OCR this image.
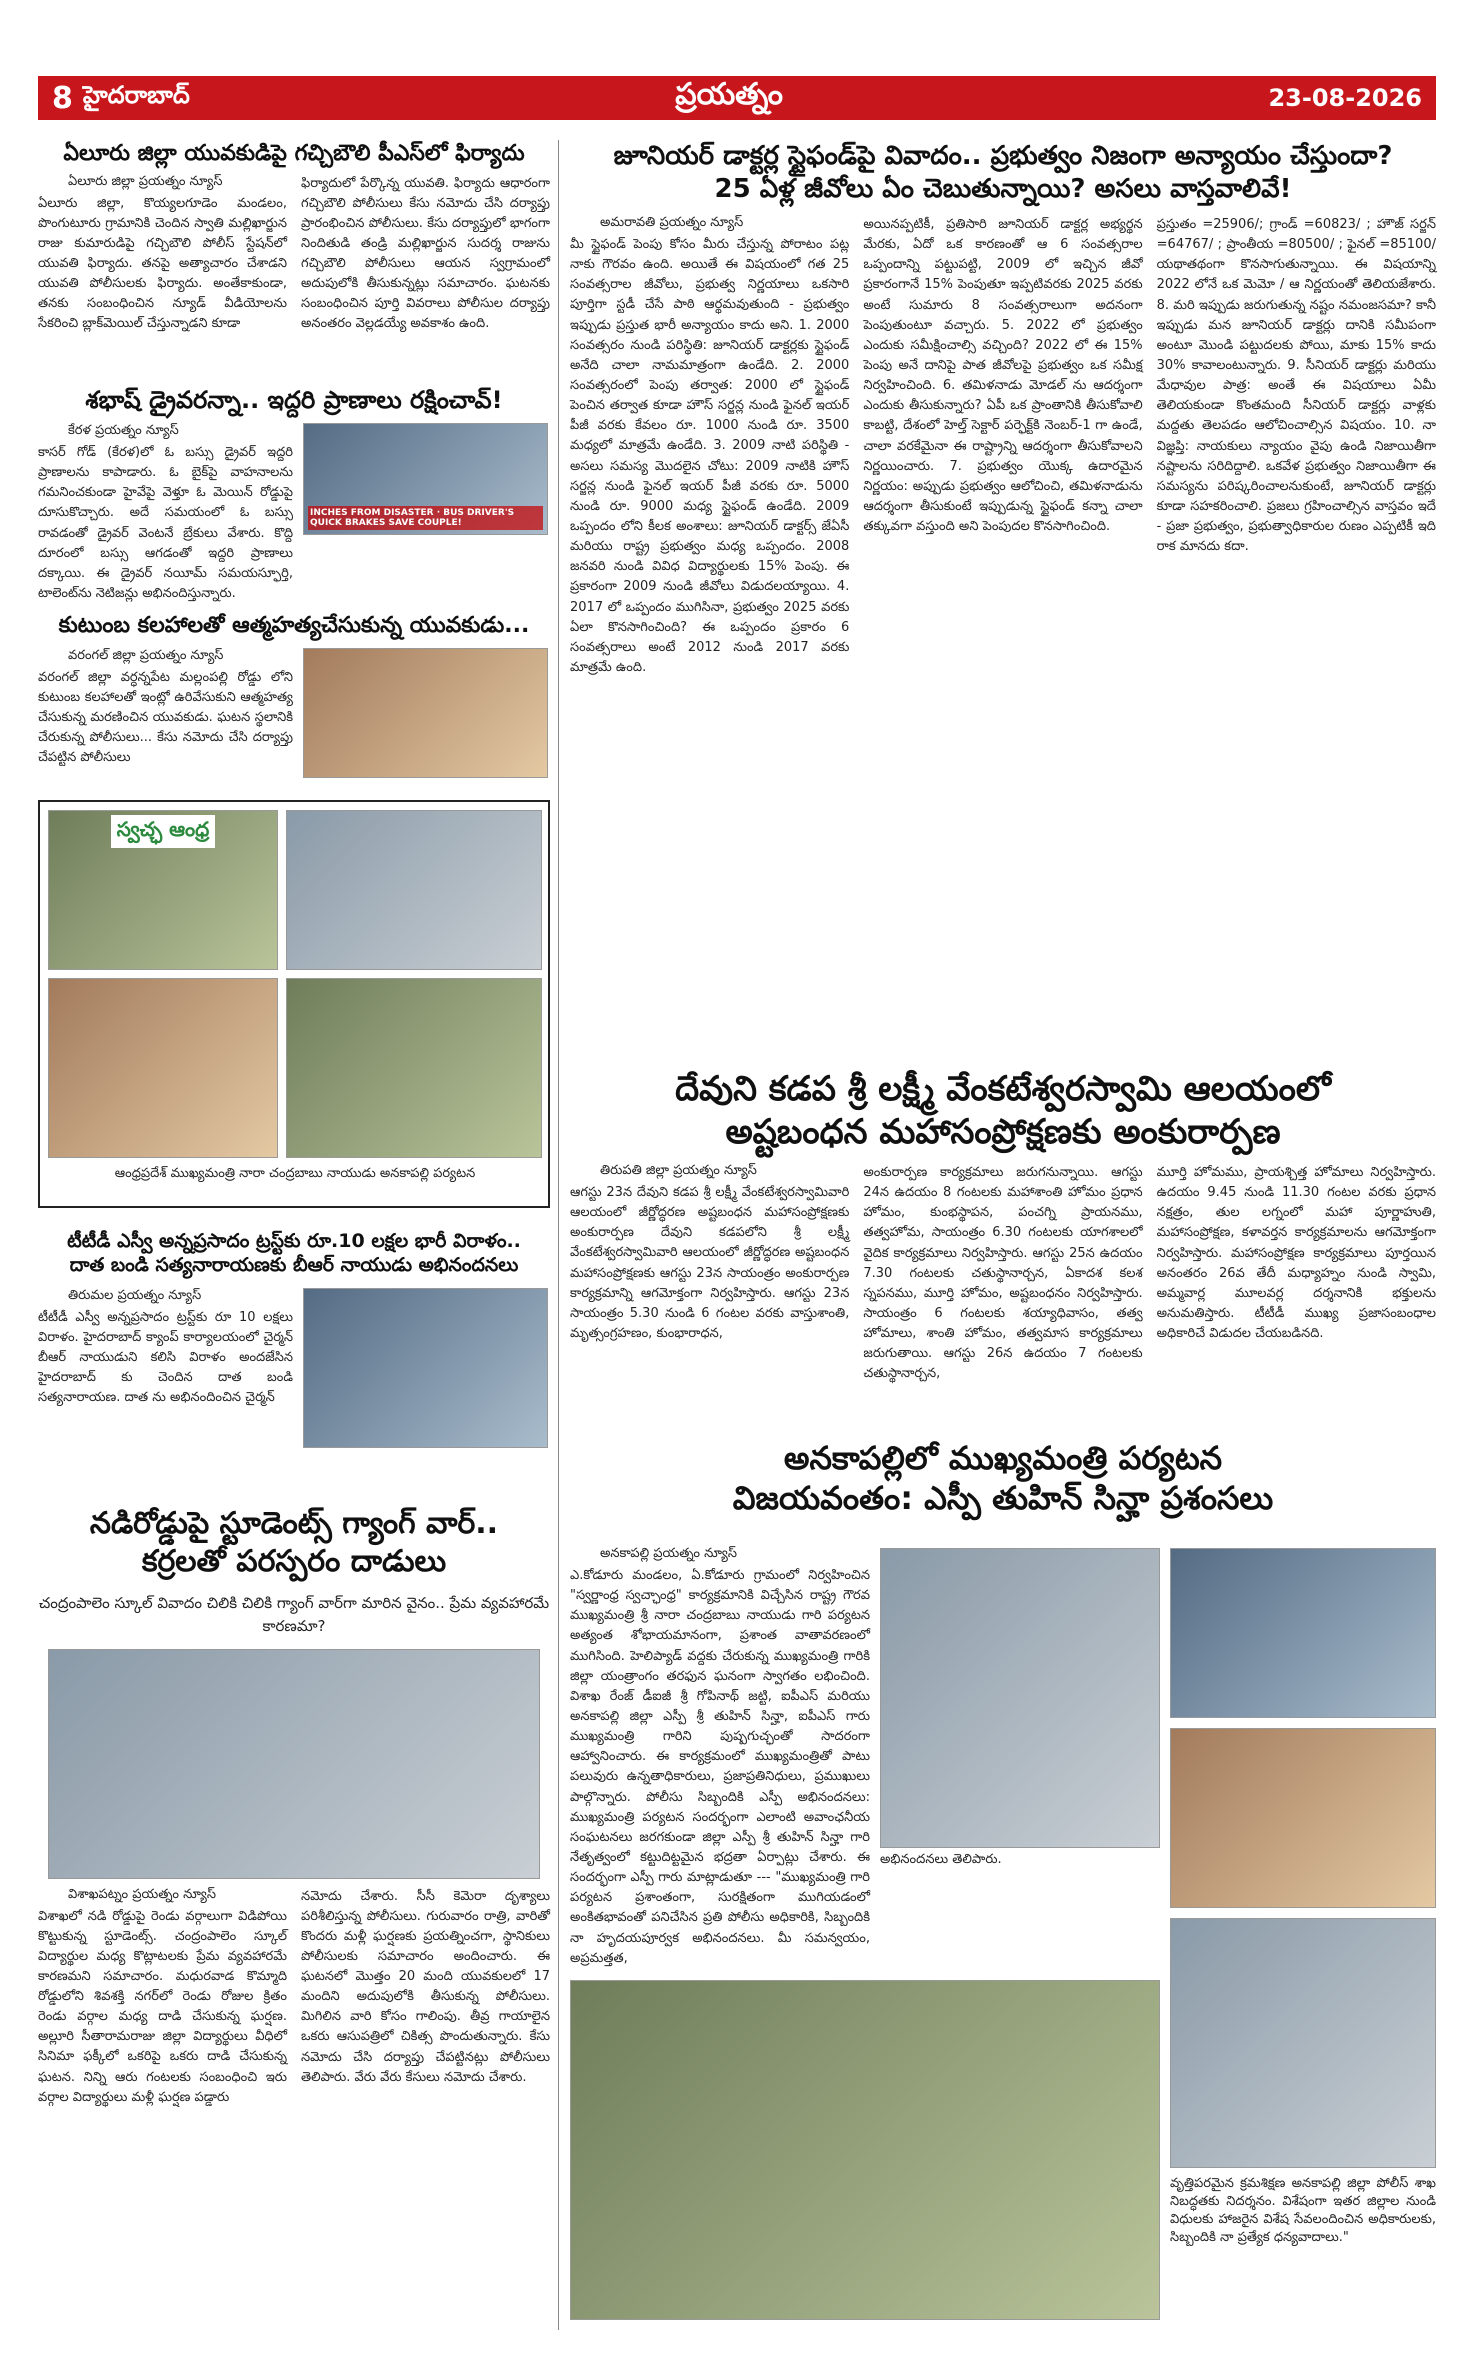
8 హైదరాబాద్	ప్రయత్నం	23-08-2026
ఏలూరు జిల్లా యువకుడిపై గచ్చిబౌలి పీఎస్‌లో ఫిర్యాదు

ఏలూరు జిల్లా ప్రయత్నం న్యూస్

ఏలూరు జిల్లా, కొయ్యలగూడెం మండలం, పొంగుటూరు గ్రామానికి చెందిన స్వాతి మల్లిఖార్జున రాజు కుమారుడిపై గచ్చిబౌలి పోలీస్ స్టేషన్‌లో యువతి ఫిర్యాదు. తనపై అత్యాచారం చేశాడని యువతి పోలీసులకు ఫిర్యాదు. అంతేకాకుండా, తనకు సంబంధించిన న్యూడ్ వీడియోలను సేకరించి బ్లాక్‌మెయిల్ చేస్తున్నాడని కూడా

ఫిర్యాదులో పేర్కొన్న యువతి. ఫిర్యాదు ఆధారంగా గచ్చిబౌలి పోలీసులు కేసు నమోదు చేసి దర్యాప్తు ప్రారంభించిన పోలీసులు. కేసు దర్యాప్తులో భాగంగా నిందితుడి తండ్రి మల్లిఖార్జున సుదర్శ రాజును గచ్చిబౌలి పోలీసులు ఆయన స్వగ్రామంలో అదుపులోకి తీసుకున్నట్లు సమాచారం. ఘటనకు సంబంధించిన పూర్తి వివరాలు పోలీసుల దర్యాప్తు అనంతరం వెల్లడయ్యే అవకాశం ఉంది.

శభాష్ డ్రైవరన్నా.. ఇద్దరి ప్రాణాలు రక్షించావ్!

కేరళ ప్రయత్నం న్యూస్

కాసర్ గోడ్ (కేరళ)లో ఓ బస్సు డ్రైవర్ ఇద్దరి ప్రాణాలను కాపాడారు. ఓ బైక్‌పై వాహనాలను గమనించకుండా హైవేపై వెళ్తూ ఓ మెయిన్ రోడ్డుపై దూసుకొచ్చారు. అదే సమయంలో ఓ బస్సు రావడంతో డ్రైవర్ వెంటనే బ్రేకులు వేశారు. కొద్ది దూరంలో బస్సు ఆగడంతో ఇద్దరి ప్రాణాలు దక్కాయి. ఈ డ్రైవర్ నయీమ్ సమయస్ఫూర్తి, టాలెంట్‌ను నెటిజన్లు అభినందిస్తున్నారు.

INCHES FROM DISASTER · BUS DRIVER'S QUICK BRAKES SAVE COUPLE!
కుటుంబ కలహాలతో ఆత్మహత్యచేసుకున్న యువకుడు...

వరంగల్ జిల్లా ప్రయత్నం న్యూస్

వరంగల్ జిల్లా వర్ధన్నపేట మల్లంపల్లి రోడ్డు లోని కుటుంబ కలహాలతో ఇంట్లో ఉరివేసుకుని ఆత్మహత్య చేసుకున్న మరణించిన యువకుడు. ఘటన స్థలానికి చేరుకున్న పోలీసులు... కేసు నమోదు చేసి దర్యాప్తు చేపట్టిన పోలీసులు

స్వచ్ఛ ఆంధ్ర
ఆంధ్రప్రదేశ్ ముఖ్యమంత్రి నారా చంద్రబాబు నాయుడు అనకాపల్లి పర్యటన
టీటీడీ ఎస్వీ అన్నప్రసాదం ట్రస్ట్‌కు రూ.10 లక్షల భారీ విరాళం..
దాత బండి సత్యనారాయణకు బీఆర్ నాయుడు అభినందనలు

తిరుమల ప్రయత్నం న్యూస్

టీటీడీ ఎస్వీ అన్నప్రసాదం ట్రస్ట్‌కు రూ 10 లక్షలు విరాళం. హైదరాబాద్ క్యాంప్ కార్యాలయంలో చైర్మన్ బీఆర్ నాయుడుని కలిసి విరాళం అందజేసిన హైదరాబాద్ కు చెందిన దాత బండి సత్యనారాయణ. దాత ను అభినందించిన చైర్మన్

నడిరోడ్డుపై స్టూడెంట్స్ గ్యాంగ్ వార్..
కర్రలతో పరస్పరం దాడులు

చంద్రంపాలెం స్కూల్ వివాదం చిలికి చిలికి గ్యాంగ్ వార్‌గా మారిన వైనం.. ప్రేమ వ్యవహారమే కారణమా?

విశాఖపట్నం ప్రయత్నం న్యూస్

విశాఖలో నడి రోడ్డుపై రెండు వర్గాలుగా విడిపోయి కొట్టుకున్న స్టూడెంట్స్. చంద్రంపాలెం స్కూల్ విద్యార్థుల మధ్య కొట్లాటలకు ప్రేమ వ్యవహారమే కారణమని సమాచారం. మధురవాడ కొమ్మాది రోడ్డులోని శివశక్తి నగర్‌లో రెండు రోజుల క్రితం రెండు వర్గాల మధ్య దాడి చేసుకున్న ఘర్షణ. అల్లూరి సీతారామరాజు జిల్లా విద్యార్థులు వీధిలో సినిమా ఫక్కీలో ఒకరిపై ఒకరు దాడి చేసుకున్న ఘటన. నిన్ని ఆరు గంటలకు సంబంధించి ఇరు వర్గాల విద్యార్థులు మళ్లీ ఘర్షణ పడ్డారు

నమోదు చేశారు. సీసీ కెమెరా దృశ్యాలు పరిశీలిస్తున్న పోలీసులు. గురువారం రాత్రి, వారితో కొందరు మళ్లీ ఘర్షణకు ప్రయత్నించగా, స్థానికులు పోలీసులకు సమాచారం అందించారు. ఈ ఘటనలో మొత్తం 20 మంది యువకులలో 17 మందిని అదుపులోకి తీసుకున్న పోలీసులు. మిగిలిన వారి కోసం గాలింపు. తీవ్ర గాయాలైన ఒకరు ఆసుపత్రిలో చికిత్స పొందుతున్నారు. కేసు నమోదు చేసి దర్యాప్తు చేపట్టినట్లు పోలీసులు తెలిపారు. వేరు వేరు కేసులు నమోదు చేశారు.

జూనియర్ డాక్టర్ల స్టైఫండ్‌పై వివాదం.. ప్రభుత్వం నిజంగా అన్యాయం చేస్తుందా?
25 ఏళ్ల జీవోలు ఏం చెబుతున్నాయి? అసలు వాస్తవాలివే!

అమరావతి ప్రయత్నం న్యూస్

మీ స్టైఫండ్ పెంపు కోసం మీరు చేస్తున్న పోరాటం పట్ల నాకు గౌరవం ఉంది. అయితే ఈ విషయంలో గత 25 సంవత్సరాల జీవోలు, ప్రభుత్వ నిర్ణయాలు ఒకసారి పూర్తిగా స్టడీ చేసే పాఠి ఆర్థమవుతుంది - ప్రభుత్వం ఇప్పుడు ప్రస్తుత భారీ అన్యాయం కాదు అని. 1. 2000 సంవత్సరం నుండి పరిస్థితి: జూనియర్ డాక్టర్లకు స్టైఫండ్ అనేది చాలా నామమాత్రంగా ఉండేది. 2. 2000 సంవత్సరంలో పెంపు తర్వాత: 2000 లో స్టైఫండ్ పెంచిన తర్వాత కూడా హౌస్ సర్జన్ల నుండి ఫైనల్ ఇయర్ పీజీ వరకు కేవలం రూ. 1000 నుండి రూ. 3500 మధ్యలో మాత్రమే ఉండేది. 3. 2009 నాటి పరిస్థితి - అసలు సమస్య మొదలైన చోటు: 2009 నాటికి హౌస్ సర్జన్ల నుండి ఫైనల్ ఇయర్ పీజీ వరకు రూ. 5000 నుండి రూ. 9000 మధ్య స్టైఫండ్ ఉండేది. 2009 ఒప్పందం లోని కీలక అంశాలు: జూనియర్ డాక్టర్స్ జేఏసీ మరియు రాష్ట్ర ప్రభుత్వం మధ్య ఒప్పందం. 2008 జనవరి నుండి వివిధ విద్యార్థులకు 15% పెంపు. ఈ ప్రకారంగా 2009 నుండి జీవోలు విడుదలయ్యాయి. 4. 2017 లో ఒప్పందం ముగిసినా, ప్రభుత్వం 2025 వరకు ఏలా కొనసాగించింది? ఈ ఒప్పందం ప్రకారం 6 సంవత్సరాలు అంటే 2012 నుండి 2017 వరకు మాత్రమే ఉంది.

అయినప్పటికీ, ప్రతిసారి జూనియర్ డాక్టర్ల అభ్యర్థన మేరకు, ఏదో ఒక కారణంతో ఆ 6 సంవత్సరాల ఒప్పందాన్ని పట్టుపట్టి, 2009 లో ఇచ్చిన జీవో ప్రకారంగానే 15% పెంపుతూ ఇప్పటివరకు 2025 వరకు అంటే సుమారు 8 సంవత్సరాలుగా అదనంగా పెంపుతుంటూ వచ్చారు. 5. 2022 లో ప్రభుత్వం ఎందుకు సమీక్షించాల్సి వచ్చింది? 2022 లో ఈ 15% పెంపు అనే దానిపై పాత జీవోలపై ప్రభుత్వం ఒక సమీక్ష నిర్వహించింది. 6. తమిళనాడు మోడల్ ను ఆదర్శంగా ఎందుకు తీసుకున్నారు? ఏపీ ఒక ప్రాంతానికి తీసుకోవాలి కాబట్టి, దేశంలో హెల్త్ సెక్టార్ పర్ఫెక్ట్‌కి నెంబర్-1 గా ఉండే, చాలా వరకేమైనా ఈ రాష్ట్రాన్ని ఆదర్శంగా తీసుకోవాలని నిర్ణయించారు. 7. ప్రభుత్వం యొక్క ఉదారమైన నిర్ణయం: అప్పుడు ప్రభుత్వం ఆలోచించి, తమిళనాడును ఆదర్శంగా తీసుకుంటే ఇప్పుడున్న స్టైఫండ్ కన్నా చాలా తక్కువగా వస్తుంది అని పెంపుదల కొనసాగించింది.

ప్రస్తుతం =25906/; గ్రాండ్ =60823/ ; హౌజ్ సర్జన్ =64767/ ; ప్రాంతీయ =80500/ ; ఫైనల్ =85100/ యథాతథంగా కొనసాగుతున్నాయి. ఈ విషయాన్ని 2022 లోనే ఒక మెమో / ఆ నిర్ణయంతో తెలియజేశారు. 8. మరి ఇప్పుడు జరుగుతున్న నష్టం నమంజసమా? కానీ ఇప్పుడు మన జూనియర్ డాక్టర్లు దానికి సమీపంగా అంటూ మొండి పట్టుదలకు పోయి, మాకు 15% కాదు 30% కావాలంటున్నారు. 9. సీనియర్ డాక్టర్లు మరియు మేధావుల పాత్ర: అంతే ఈ విషయాలు ఏమీ తెలియకుండా కొంతమంది సీనియర్ డాక్టర్లు వాళ్లకు మద్దతు తెలపడం ఆలోచించాల్సిన విషయం. 10. నా విజ్ఞప్తి: నాయకులు న్యాయం వైపు ఉండి నిజాయితీగా నష్టాలను సరిదిద్దాలి. ఒకవేళ ప్రభుత్వం నిజాయితీగా ఈ సమస్యను పరిష్కరించాలనుకుంటే, జూనియర్ డాక్టర్లు కూడా సహకరించాలి. ప్రజలు గ్రహించాల్సిన వాస్తవం ఇదే - ప్రజా ప్రభుత్వం, ప్రభుత్వాధికారుల రుణం ఎప్పటికీ ఇది రాక మానదు కదా.

దేవుని కడప శ్రీ లక్ష్మీ వేంకటేశ్వరస్వామి ఆలయంలో
అష్టబంధన మహాసంప్రోక్షణకు అంకురార్పణ

తిరుపతి జిల్లా ప్రయత్నం న్యూస్

ఆగస్టు 23న దేవుని కడప శ్రీ లక్ష్మీ వేంకటేశ్వరస్వామివారి ఆలయంలో జీర్ణోద్ధరణ అష్టబంధన మహాసంప్రోక్షణకు అంకురార్పణ దేవుని కడపలోని శ్రీ లక్ష్మీ వేంకటేశ్వరస్వామివారి ఆలయంలో జీర్ణోద్ధరణ అష్టబంధన మహాసంప్రోక్షణకు ఆగస్టు 23న సాయంత్రం అంకురార్పణ కార్యక్రమాన్ని ఆగమోక్తంగా నిర్వహిస్తారు. ఆగస్టు 23న సాయంత్రం 5.30 నుండి 6 గంటల వరకు వాస్తుశాంతి, మృత్సంగ్రహణం, కుంభారాధన,

అంకురార్పణ కార్యక్రమాలు జరుగనున్నాయి. ఆగస్టు 24న ఉదయం 8 గంటలకు మహాశాంతి హోమం ప్రధాన హోమం, కుంభస్థాపన, పంచగ్ని ప్రాయనము, తత్వహోమ, సాయంత్రం 6.30 గంటలకు యాగశాలలో వైదిక కార్యక్రమాలు నిర్వహిస్తారు. ఆగస్టు 25న ఉదయం 7.30 గంటలకు చతుస్థానార్చన, ఏకాదశ కలశ స్నపనము, మూర్తి హోమం, అష్టబంధనం నిర్వహిస్తారు. సాయంత్రం 6 గంటలకు శయ్యాధివాసం, తత్వ హోమాలు, శాంతి హోమం, తత్వమాస కార్యక్రమాలు జరుగుతాయి. ఆగస్టు 26న ఉదయం 7 గంటలకు చతుస్థానార్చన,

మూర్తి హోమము, ప్రాయశ్చిత్త హోమాలు నిర్వహిస్తారు. ఉదయం 9.45 నుండి 11.30 గంటల వరకు ప్రధాన నక్షత్రం, తుల లగ్నంలో మహా పూర్ణాహుతి, మహాసంప్రోక్షణ, కళావర్తన కార్యక్రమాలను ఆగమోక్తంగా నిర్వహిస్తారు. మహాసంప్రోక్షణ కార్యక్రమాలు పూర్తయిన అనంతరం 26వ తేదీ మధ్యాహ్నం నుండి స్వామి, అమ్మవార్ల మూలవర్ల దర్శనానికి భక్తులను అనుమతిస్తారు. టీటీడీ ముఖ్య ప్రజాసంబంధాల అధికారిచే విడుదల చేయబడినది.

అనకాపల్లిలో ముఖ్యమంత్రి పర్యటన
విజయవంతం: ఎస్పీ తుహిన్ సిన్హా ప్రశంసలు

అనకాపల్లి ప్రయత్నం న్యూస్

ఎ.కోడూరు మండలం, ఏ.కోడూరు గ్రామంలో నిర్వహించిన "స్వర్ణాంధ్ర స్వచ్ఛాంధ్ర" కార్యక్రమానికి విచ్చేసిన రాష్ట్ర గౌరవ ముఖ్యమంత్రి శ్రీ నారా చంద్రబాబు నాయుడు గారి పర్యటన అత్యంత శోభాయమానంగా, ప్రశాంత వాతావరణంలో ముగిసింది. హెలిప్యాడ్ వద్దకు చేరుకున్న ముఖ్యమంత్రి గారికి జిల్లా యంత్రాంగం తరఫున ఘనంగా స్వాగతం లభించింది. విశాఖ రేంజ్ డీఐజీ శ్రీ గోపినాథ్ జట్టి, ఐపీఎస్ మరియు అనకాపల్లి జిల్లా ఎస్పీ శ్రీ తుహిన్ సిన్హా, ఐపీఎస్ గారు ముఖ్యమంత్రి గారిని పుష్పగుచ్ఛంతో సాదరంగా ఆహ్వానించారు. ఈ కార్యక్రమంలో ముఖ్యమంత్రితో పాటు పలువురు ఉన్నతాధికారులు, ప్రజాప్రతినిధులు, ప్రముఖులు పాల్గొన్నారు. పోలీసు సిబ్బందికి ఎస్పీ అభినందనలు: ముఖ్యమంత్రి పర్యటన సందర్భంగా ఎలాంటి అవాంఛనీయ సంఘటనలు జరగకుండా జిల్లా ఎస్పీ శ్రీ తుహిన్ సిన్హా గారి నేతృత్వంలో కట్టుదిట్టమైన భద్రతా ఏర్పాట్లు చేశారు. ఈ సందర్భంగా ఎస్పీ గారు మాట్లాడుతూ --- "ముఖ్యమంత్రి గారి పర్యటన ప్రశాంతంగా, సురక్షితంగా ముగియడంలో అంకితభావంతో పనిచేసిన ప్రతి పోలీసు అధికారికి, సిబ్బందికి నా హృదయపూర్వక అభినందనలు. మీ సమన్వయం, అప్రమత్తత,

అభినందనలు తెలిపారు.
వృత్తిపరమైన క్రమశిక్షణ అనకాపల్లి జిల్లా పోలీస్ శాఖ నిబద్ధతకు నిదర్శనం. విశేషంగా ఇతర జిల్లాల నుండి విధులకు హాజరైన విశేష సేవలందించిన అధికారులకు, సిబ్బందికి నా ప్రత్యేక ధన్యవాదాలు."
